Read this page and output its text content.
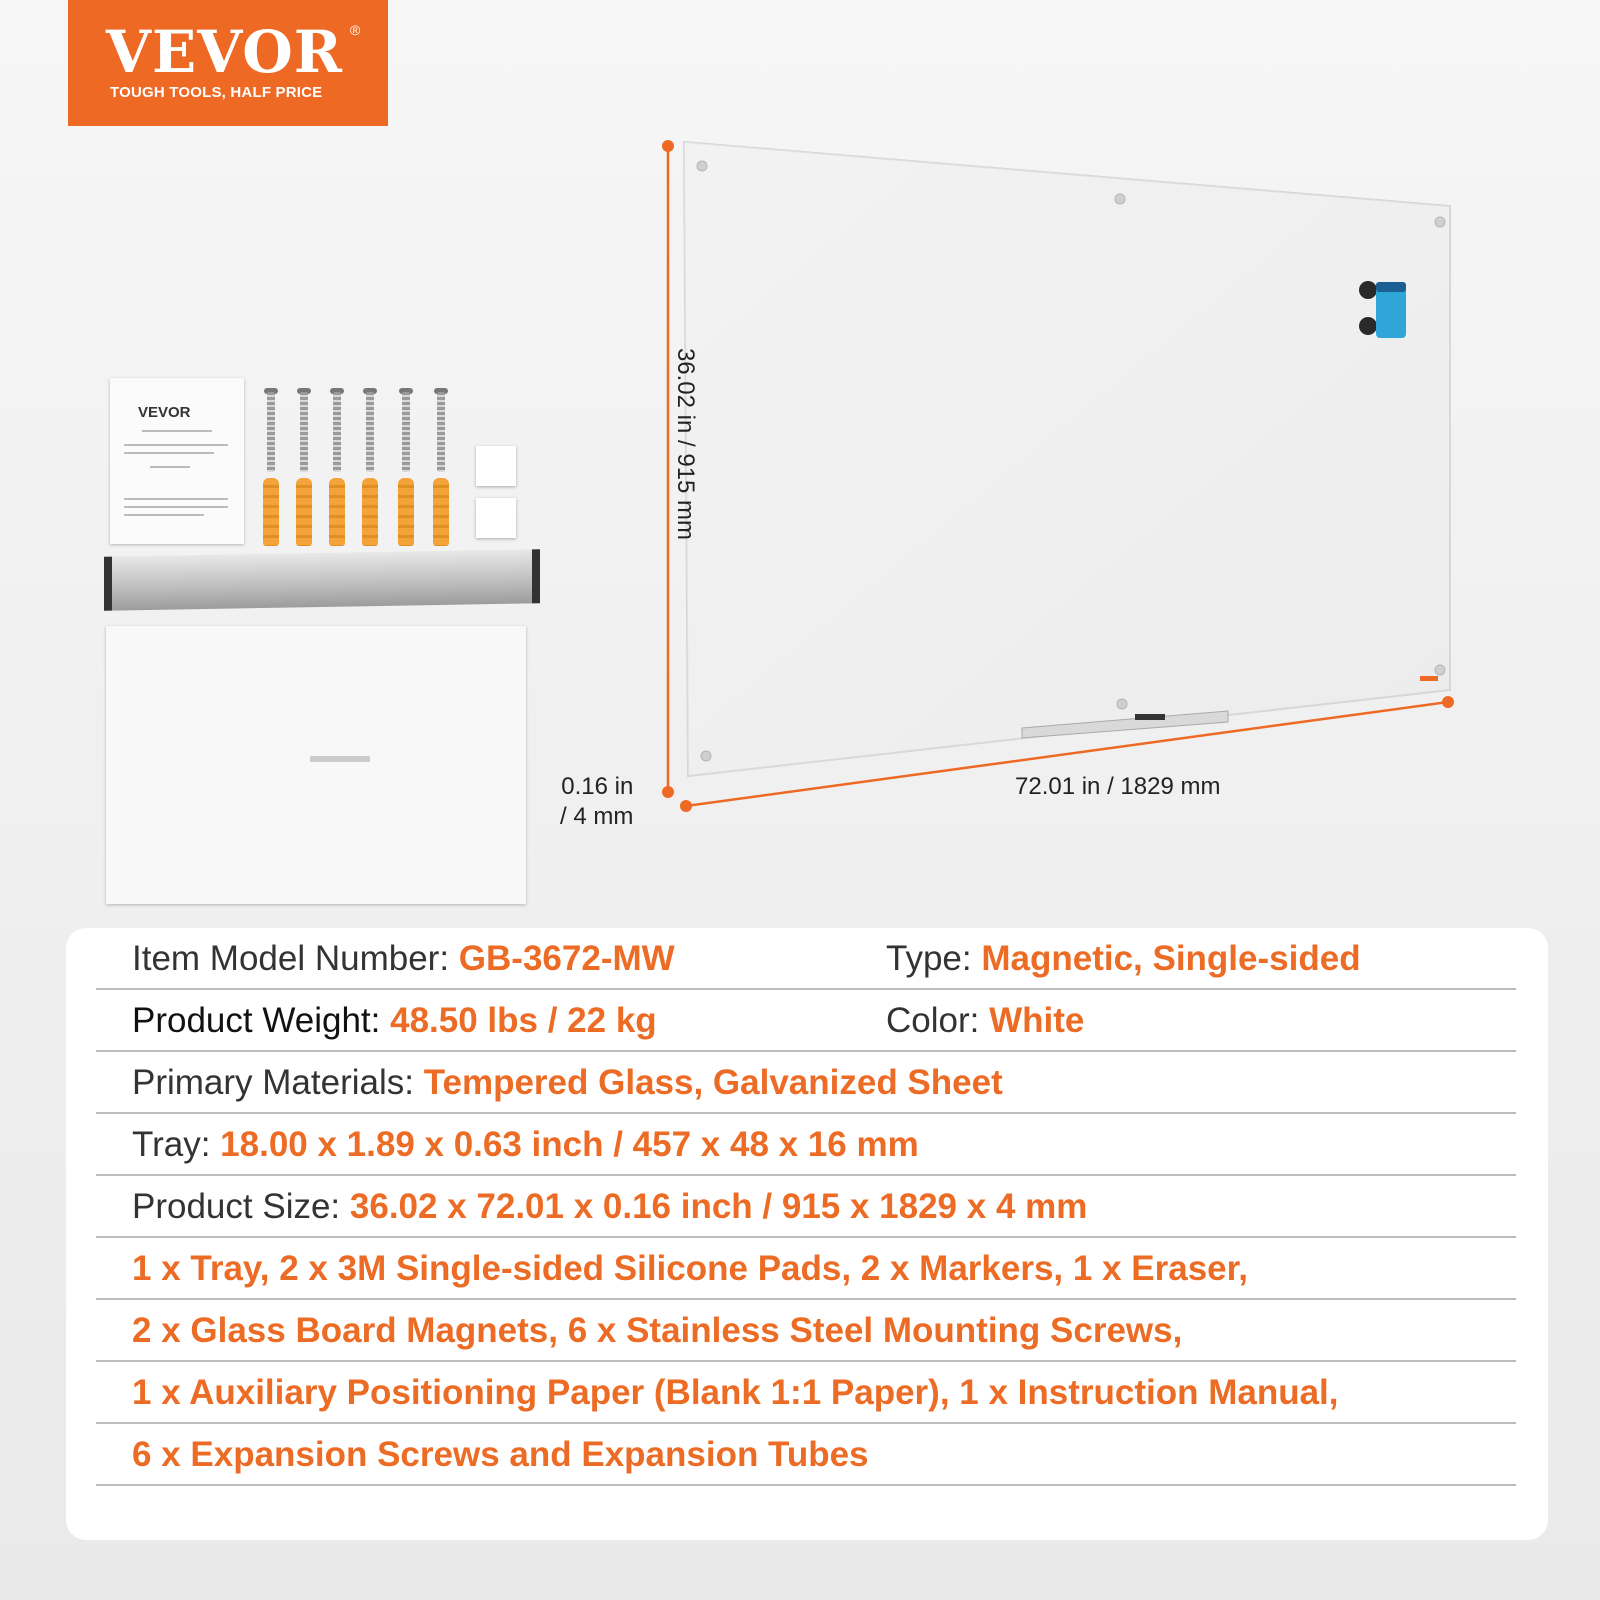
VEVOR ®
TOUGH TOOLS, HALF PRICE
VEVOR	36.02 in / 915 mm
72.01 in / 1829 mm
0.16 in
/ 4 mm
Item Model Number: GB-3672-MW	Type: Magnetic, Single-sided
Product Weight: 48.50 lbs / 22 kg	Color: White
Primary Materials: Tempered Glass, Galvanized Sheet
Tray: 18.00 x 1.89 x 0.63 inch / 457 x 48 x 16 mm
Product Size: 36.02 x 72.01 x 0.16 inch / 915 x 1829 x 4 mm
1 x Tray, 2 x 3M Single-sided Silicone Pads, 2 x Markers, 1 x Eraser,
2 x Glass Board Magnets, 6 x Stainless Steel Mounting Screws,
1 x Auxiliary Positioning Paper (Blank 1:1 Paper), 1 x Instruction Manual,
6 x Expansion Screws and Expansion Tubes
